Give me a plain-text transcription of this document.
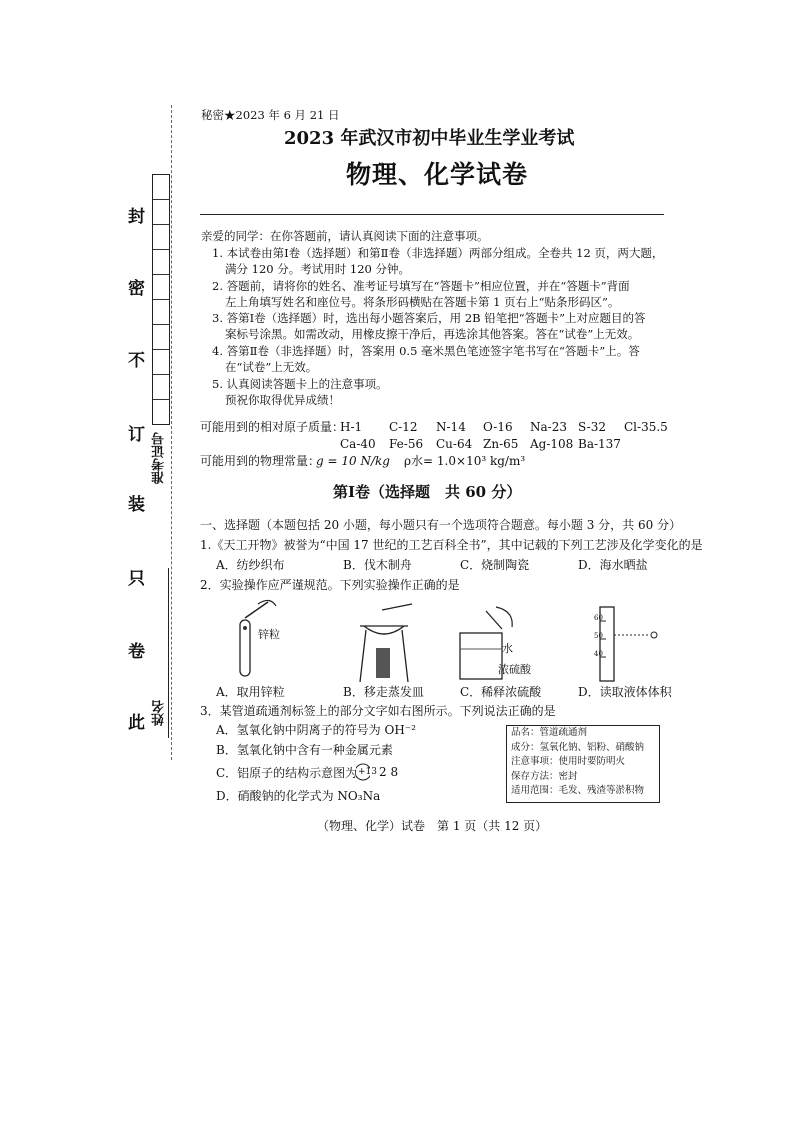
封
密
不
订
装
只
卷
此
准考证号
姓名
秘密★2023 年 6 月 21 日
2023 年武汉市初中毕业生学业考试
物理、化学试卷
亲爱的同学：在你答题前，请认真阅读下面的注意事项。
1. 本试卷由第Ⅰ卷（选择题）和第Ⅱ卷（非选择题）两部分组成。全卷共 12 页，两大题，
满分 120 分。考试用时 120 分钟。
2. 答题前，请将你的姓名、准考证号填写在“答题卡”相应位置，并在“答题卡”背面
左上角填写姓名和座位号。将条形码横贴在答题卡第 1 页右上“贴条形码区”。
3. 答第Ⅰ卷（选择题）时，选出每小题答案后，用 2B 铅笔把“答题卡”上对应题目的答
案标号涂黑。如需改动，用橡皮擦干净后，再选涂其他答案。答在“试卷”上无效。
4. 答第Ⅱ卷（非选择题）时，答案用 0.5 毫米黑色笔迹签字笔书写在“答题卡”上。答
在“试卷”上无效。
5. 认真阅读答题卡上的注意事项。
预祝你取得优异成绩！
可能用到的相对原子质量：
H-1 C-12 N-14 O-16 Na-23 S-32 Cl-35.5
Ca-40 Fe-56 Cu-64 Zn-65 Ag-108 Ba-137
可能用到的物理常量：
g = 10 N/kg ρ水= 1.0×10³ kg/m³
第Ⅰ卷（选择题　共 60 分）
一、选择题（本题包括 20 小题，每小题只有一个选项符合题意。每小题 3 分，共 60 分）
1.《天工开物》被誉为“中国 17 世纪的工艺百科全书”，其中记载的下列工艺涉及化学变化的是
A．纺纱织布	B．伐木制舟	C．烧制陶瓷	D．海水晒盐
2．实验操作应严谨规范。下列实验操作正确的是
锌粒
水
浓硫酸
60
50
40
A．取用锌粒	B．移走蒸发皿	C．稀释浓硫酸	D．读取液体体积
3．某管道疏通剂标签上的部分文字如右图所示。下列说法正确的是
A．氢氧化钠中阴离子的符号为 OH⁻²
B．氢氧化钠中含有一种金属元素
C．铝原子的结构示意图为 +13 2 8
D．硝酸钠的化学式为 NO₃Na
品名：管道疏通剂
成分：氢氧化钠、铝粉、硝酸钠
注意事项：使用时要防明火
保存方法：密封
适用范围：毛发、残渣等淤积物
（物理、化学）试卷　第 1 页（共 12 页）
